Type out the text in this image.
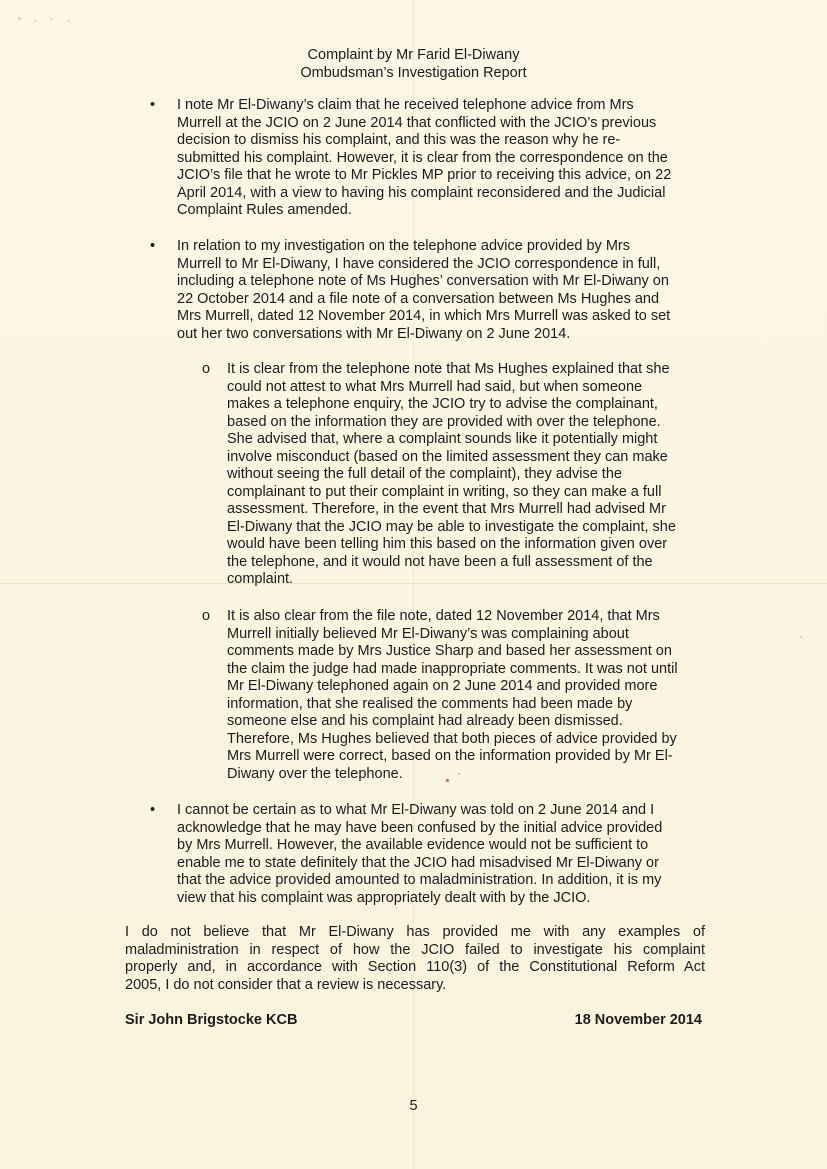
Complaint by Mr Farid El-Diwany
Ombudsman’s Investigation Report
• I note Mr El-Diwany’s claim that he received telephone advice from Mrs
Murrell at the JCIO on 2 June 2014 that conflicted with the JCIO’s previous
decision to dismiss his complaint, and this was the reason why he re-
submitted his complaint. However, it is clear from the correspondence on the
JCIO’s file that he wrote to Mr Pickles MP prior to receiving this advice, on 22
April 2014, with a view to having his complaint reconsidered and the Judicial
Complaint Rules amended.
• In relation to my investigation on the telephone advice provided by Mrs
Murrell to Mr El-Diwany, I have considered the JCIO correspondence in full,
including a telephone note of Ms Hughes’ conversation with Mr El-Diwany on
22 October 2014 and a file note of a conversation between Ms Hughes and
Mrs Murrell, dated 12 November 2014, in which Mrs Murrell was asked to set
out her two conversations with Mr El-Diwany on 2 June 2014.
o It is clear from the telephone note that Ms Hughes explained that she
could not attest to what Mrs Murrell had said, but when someone
makes a telephone enquiry, the JCIO try to advise the complainant,
based on the information they are provided with over the telephone.
She advised that, where a complaint sounds like it potentially might
involve misconduct (based on the limited assessment they can make
without seeing the full detail of the complaint), they advise the
complainant to put their complaint in writing, so they can make a full
assessment. Therefore, in the event that Mrs Murrell had advised Mr
El-Diwany that the JCIO may be able to investigate the complaint, she
would have been telling him this based on the information given over
the telephone, and it would not have been a full assessment of the
complaint.
o It is also clear from the file note, dated 12 November 2014, that Mrs
Murrell initially believed Mr El-Diwany’s was complaining about
comments made by Mrs Justice Sharp and based her assessment on
the claim the judge had made inappropriate comments. It was not until
Mr El-Diwany telephoned again on 2 June 2014 and provided more
information, that she realised the comments had been made by
someone else and his complaint had already been dismissed.
Therefore, Ms Hughes believed that both pieces of advice provided by
Mrs Murrell were correct, based on the information provided by Mr El-
Diwany over the telephone.
• I cannot be certain as to what Mr El-Diwany was told on 2 June 2014 and I
acknowledge that he may have been confused by the initial advice provided
by Mrs Murrell. However, the available evidence would not be sufficient to
enable me to state definitely that the JCIO had misadvised Mr El-Diwany or
that the advice provided amounted to maladministration. In addition, it is my
view that his complaint was appropriately dealt with by the JCIO.
I do not believe that Mr El-Diwany has provided me with any examples of
maladministration in respect of how the JCIO failed to investigate his complaint
properly and, in accordance with Section 110(3) of the Constitutional Reform Act
2005, I do not consider that a review is necessary.
Sir John Brigstocke KCB	18 November 2014
5
